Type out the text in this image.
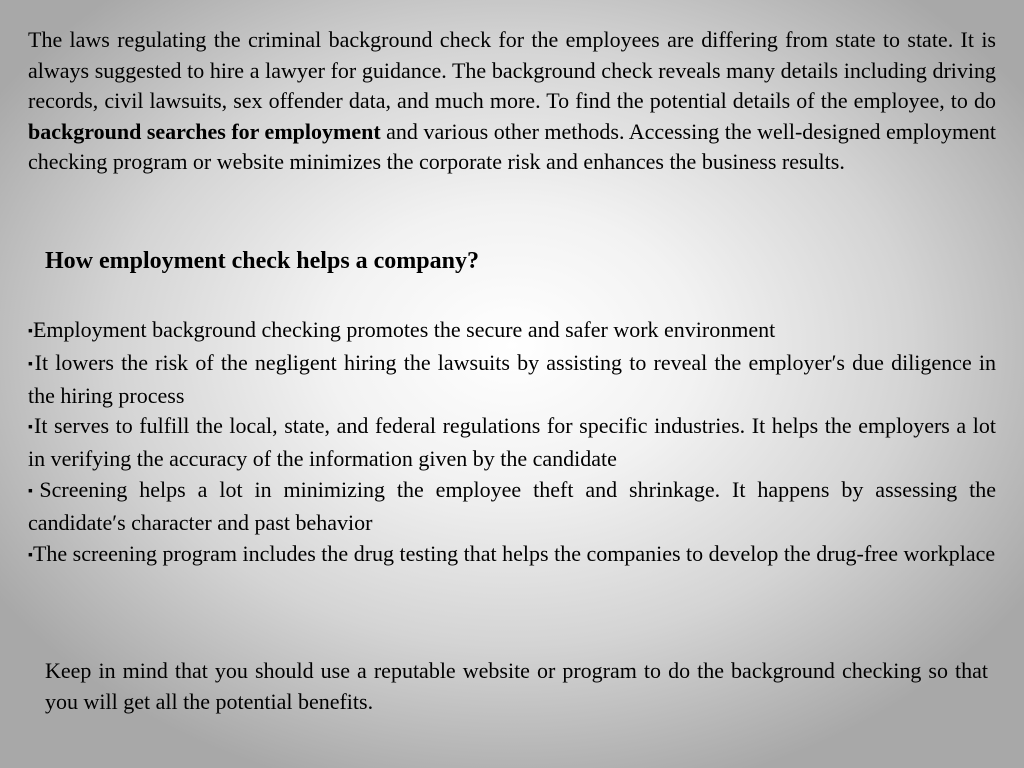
The laws regulating the criminal background check for the employees are differing from state to state. It is always suggested to hire a lawyer for guidance. The background check reveals many details including driving records, civil lawsuits, sex offender data, and much more. To find the potential details of the employee, to do background searches for employment and various other methods. Accessing the well-designed employment checking program or website minimizes the corporate risk and enhances the business results.

How employment check helps a company?
▪Employment background checking promotes the secure and safer work environment
▪It lowers the risk of the negligent hiring the lawsuits by assisting to reveal the employer′s due diligence in the hiring process
▪It serves to fulfill the local, state, and federal regulations for specific industries. It helps the employers a lot in verifying the accuracy of the information given by the candidate
▪Screening helps a lot in minimizing the employee theft and shrinkage. It happens by assessing the candidate′s character and past behavior
▪The screening program includes the drug testing that helps the companies to develop the drug-free workplace

Keep in mind that you should use a reputable website or program to do the background checking so that you will get all the potential benefits.
